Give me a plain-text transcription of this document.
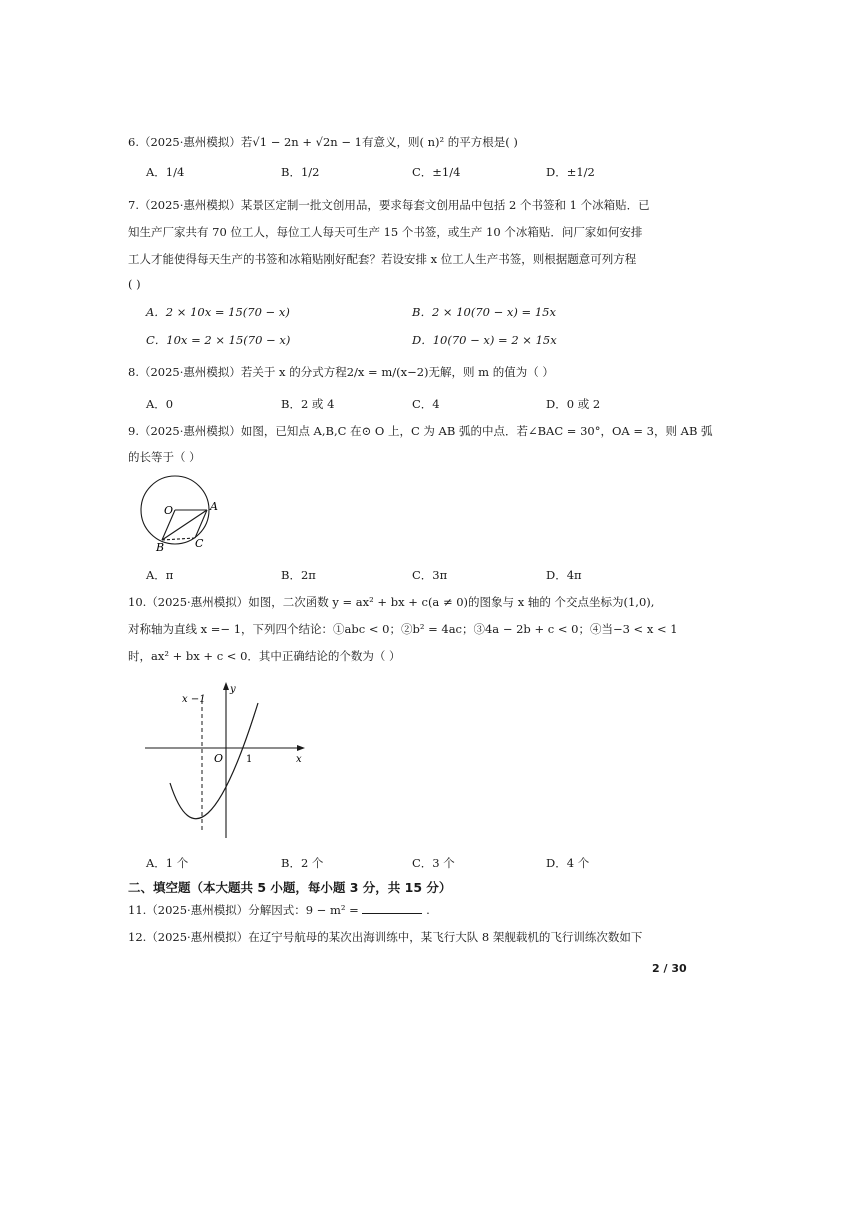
6.（2025·惠州模拟）若√1 − 2n + √2n − 1有意义，则( n)² 的平方根是( )
A．1/4	B．1/2	C．±1/4	D．±1/2
7.（2025·惠州模拟）某景区定制一批文创用品，要求每套文创用品中包括 2 个书签和 1 个冰箱贴．已
知生产厂家共有 70 位工人，每位工人每天可生产 15 个书签，或生产 10 个冰箱贴．问厂家如何安排
工人才能使得每天生产的书签和冰箱贴刚好配套？若设安排 x 位工人生产书签，则根据题意可列方程
( )
A．2 × 10x = 15(70 − x)	B．2 × 10(70 − x) = 15x
C．10x = 2 × 15(70 − x)	D．10(70 − x) = 2 × 15x
8.（2025·惠州模拟）若关于 x 的分式方程2/x = m/(x−2)无解，则 m 的值为（ ）
A．0	B．2 或 4	C．4	D．0 或 2
9.（2025·惠州模拟）如图，已知点 A,B,C 在⊙ O 上，C 为 AB 弧的中点．若∠BAC = 30°，OA = 3，则 AB 弧
的长等于（ ）
O	A
B	C
A．π	B．2π	C．3π	D．4π
10.（2025·惠州模拟）如图，二次函数 y = ax² + bx + c(a ≠ 0)的图象与 x 轴的 个交点坐标为(1,0),
对称轴为直线 x =− 1，下列四个结论：①abc < 0；②b² = 4ac；③4a − 2b + c < 0；④当−3 < x < 1
时，ax² + bx + c < 0．其中正确结论的个数为（ ）
x −1
y
x
O 1
A．1 个	B．2 个	C．3 个	D．4 个
二、填空题（本大题共 5 小题，每小题 3 分，共 15 分）
11.（2025·惠州模拟）分解因式：9 − m² =	.
12.（2025·惠州模拟）在辽宁号航母的某次出海训练中，某飞行大队 8 架舰载机的飞行训练次数如下
2 / 30
